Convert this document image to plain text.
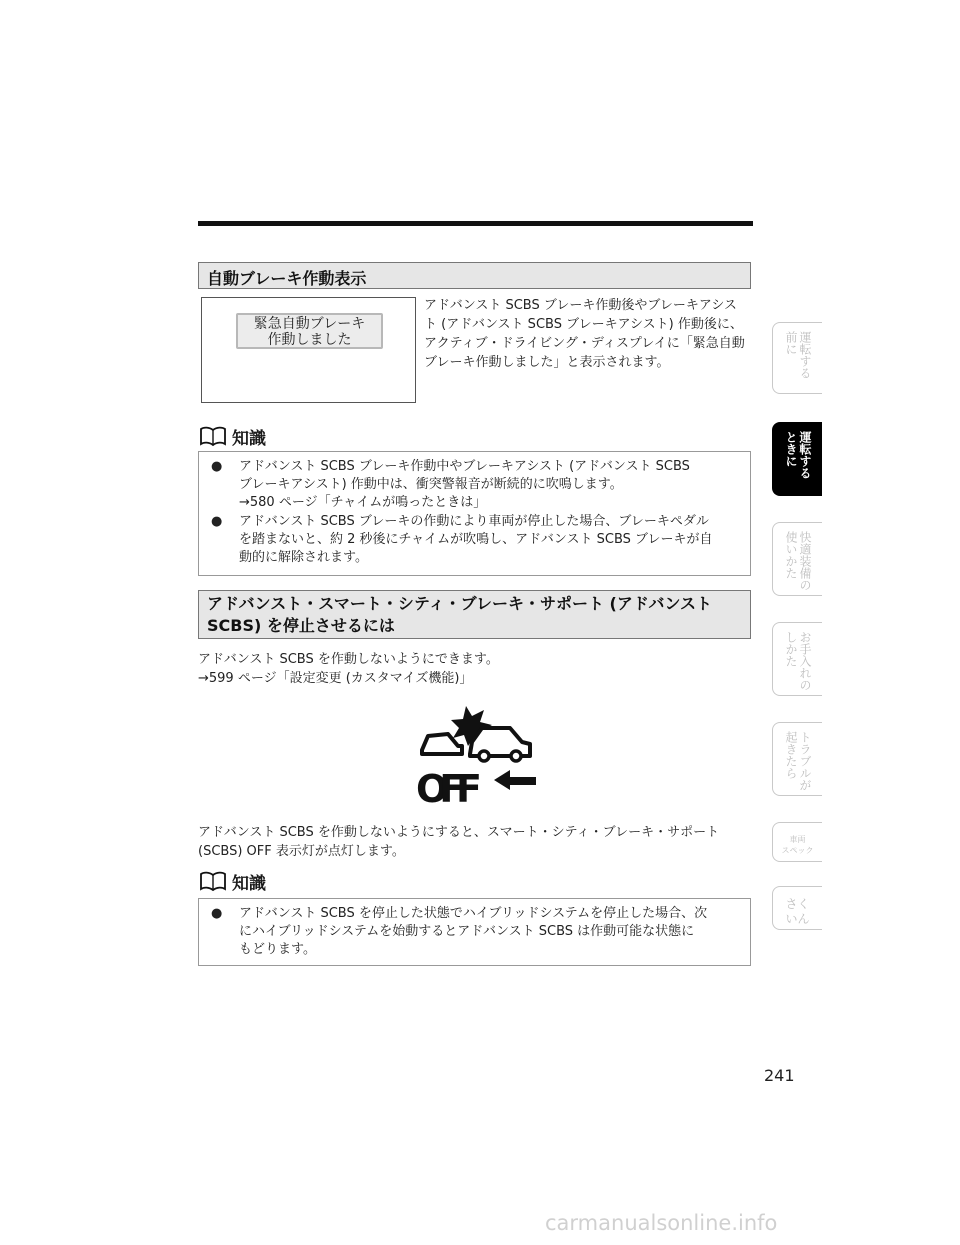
自動ブレーキ作動表示
緊急自動ブレーキ
作動しました
アドバンスト SCBS ブレーキ作動後やブレーキアシスト (アドバンスト SCBS ブレーキアシスト) 作動後に、アクティブ・ドライビング・ディスプレイに「緊急自動ブレーキ作動しました」と表示されます。
知識
●	アドバンスト SCBS ブレーキ作動中やブレーキアシスト (アドバンスト SCBS
ブレーキアシスト) 作動中は、衝突警報音が断続的に吹鳴します。
→580 ページ「チャイムが鳴ったときは」
●	アドバンスト SCBS ブレーキの作動により車両が停止した場合、ブレーキペダル
を踏まないと、約 2 秒後にチャイムが吹鳴し、アドバンスト SCBS ブレーキが自
動的に解除されます。
アドバンスト・スマート・シティ・ブレーキ・サポート (アドバンスト
SCBS) を停止させるには
アドバンスト SCBS を作動しないようにできます。
→599 ページ「設定変更 (カスタマイズ機能)」
OFF
アドバンスト SCBS を作動しないようにすると、スマート・シティ・ブレーキ・サポート
(SCBS) OFF 表示灯が点灯します。
知識
●	アドバンスト SCBS を停止した状態でハイブリッドシステムを停止した場合、次
にハイブリッドシステムを始動するとアドバンスト SCBS は作動可能な状態に
もどります。
運転する
前に
運転する
ときに
快適装備の
使いかた
お手入れの
しかた
トラブルが
起きたら
車両
スペック
さく
いん
241
carmanualsonline.info
